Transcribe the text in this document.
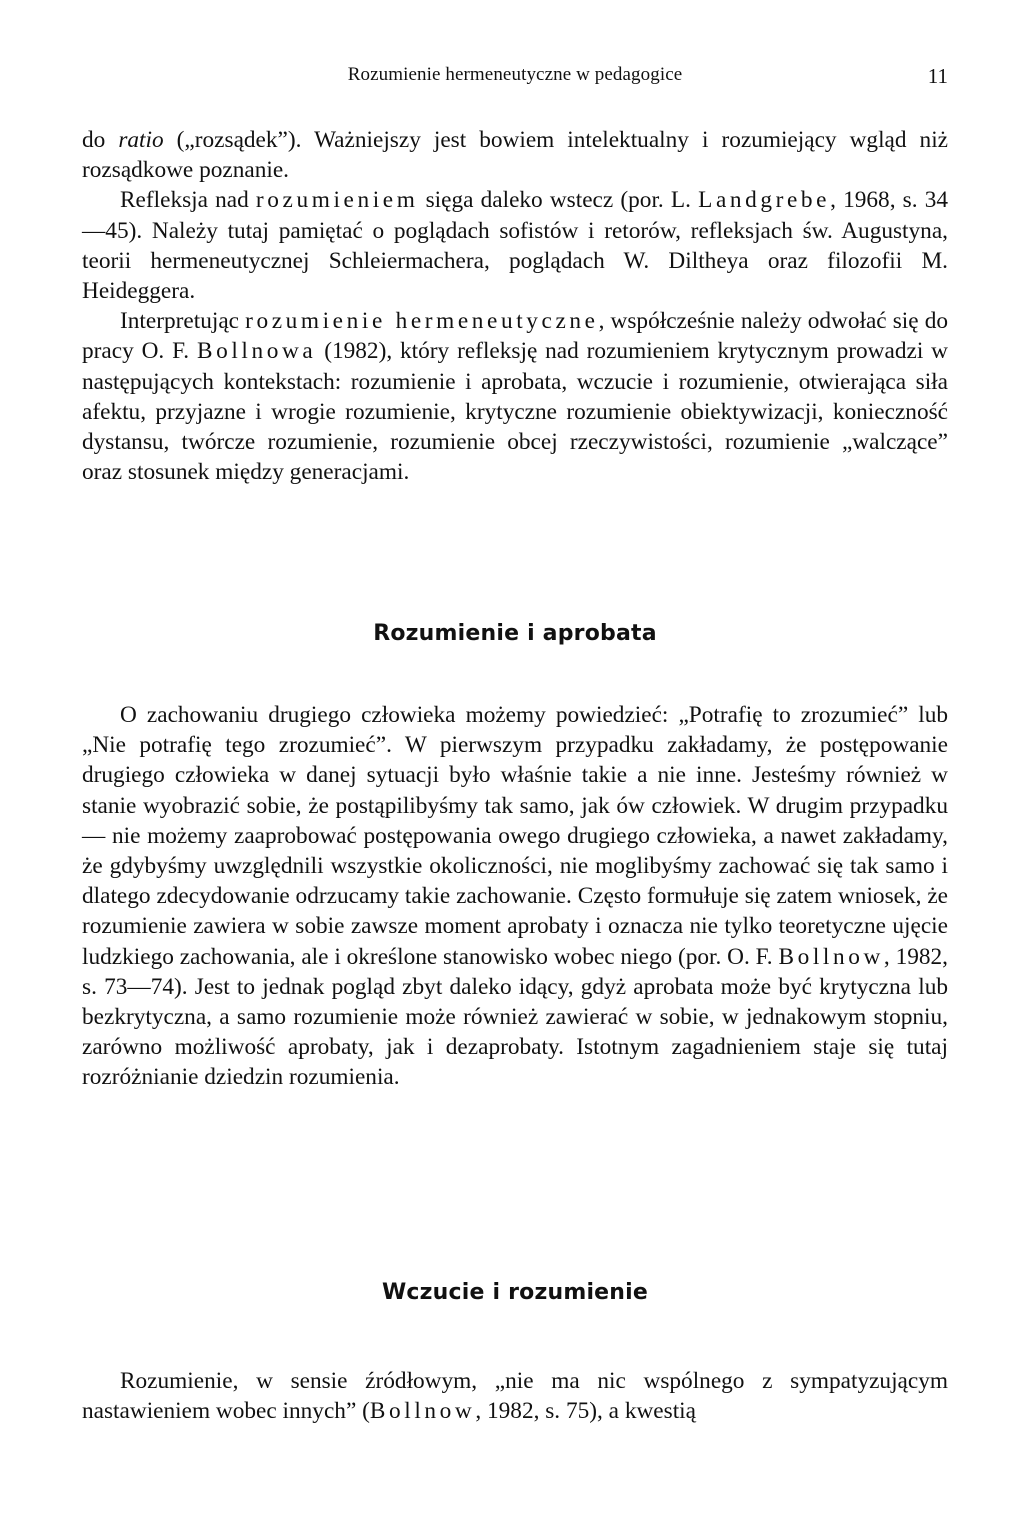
Rozumienie hermeneutyczne w pedagogice	11

do ratio („rozsądek”). Ważniejszy jest bowiem intelektualny i rozumiejący wgląd niż rozsądkowe poznanie.

Refleksja nad rozumieniem sięga daleko wstecz (por. L. Landgrebe, 1968, s. 34—45). Należy tutaj pamiętać o poglądach sofistów i retorów, refleksjach św. Augustyna, teorii hermeneutycznej Schleiermachera, poglądach W. Diltheya oraz filozofii M. Heideggera.

Interpretując rozumienie hermeneutyczne, współcześnie należy odwołać się do pracy O. F. Bollnowa (1982), który refleksję nad rozumieniem krytycznym prowadzi w następujących kontekstach: rozumienie i aprobata, wczucie i rozumienie, otwierająca siła afektu, przyjazne i wrogie rozumienie, krytyczne rozumienie obiektywizacji, konieczność dystansu, twórcze rozumienie, rozumienie obcej rzeczywistości, rozumienie „walczące” oraz stosunek między generacjami.

Rozumienie i aprobata

O zachowaniu drugiego człowieka możemy powiedzieć: „Potrafię to zrozumieć” lub „Nie potrafię tego zrozumieć”. W pierwszym przypadku zakładamy, że postępowanie drugiego człowieka w danej sytuacji było właśnie takie a nie inne. Jesteśmy również w stanie wyobrazić sobie, że postąpilibyśmy tak samo, jak ów człowiek. W drugim przypadku — nie możemy zaaprobować postępowania owego drugiego człowieka, a nawet zakładamy, że gdybyśmy uwzględnili wszystkie okoliczności, nie moglibyśmy zachować się tak samo i dlatego zdecydowanie odrzucamy takie zachowanie. Często formułuje się zatem wniosek, że rozumienie zawiera w sobie zawsze moment aprobaty i oznacza nie tylko teoretyczne ujęcie ludzkiego zachowania, ale i określone stanowisko wobec niego (por. O. F. Bollnow, 1982, s. 73—74). Jest to jednak pogląd zbyt daleko idący, gdyż aprobata może być krytyczna lub bezkrytyczna, a samo rozumienie może również zawierać w sobie, w jednakowym stopniu, zarówno możliwość aprobaty, jak i dezaprobaty. Istotnym zagadnieniem staje się tutaj rozróżnianie dziedzin rozumienia.

Wczucie i rozumienie

Rozumienie, w sensie źródłowym, „nie ma nic wspólnego z sympatyzującym nastawieniem wobec innych” (Bollnow, 1982, s. 75), a kwestią
